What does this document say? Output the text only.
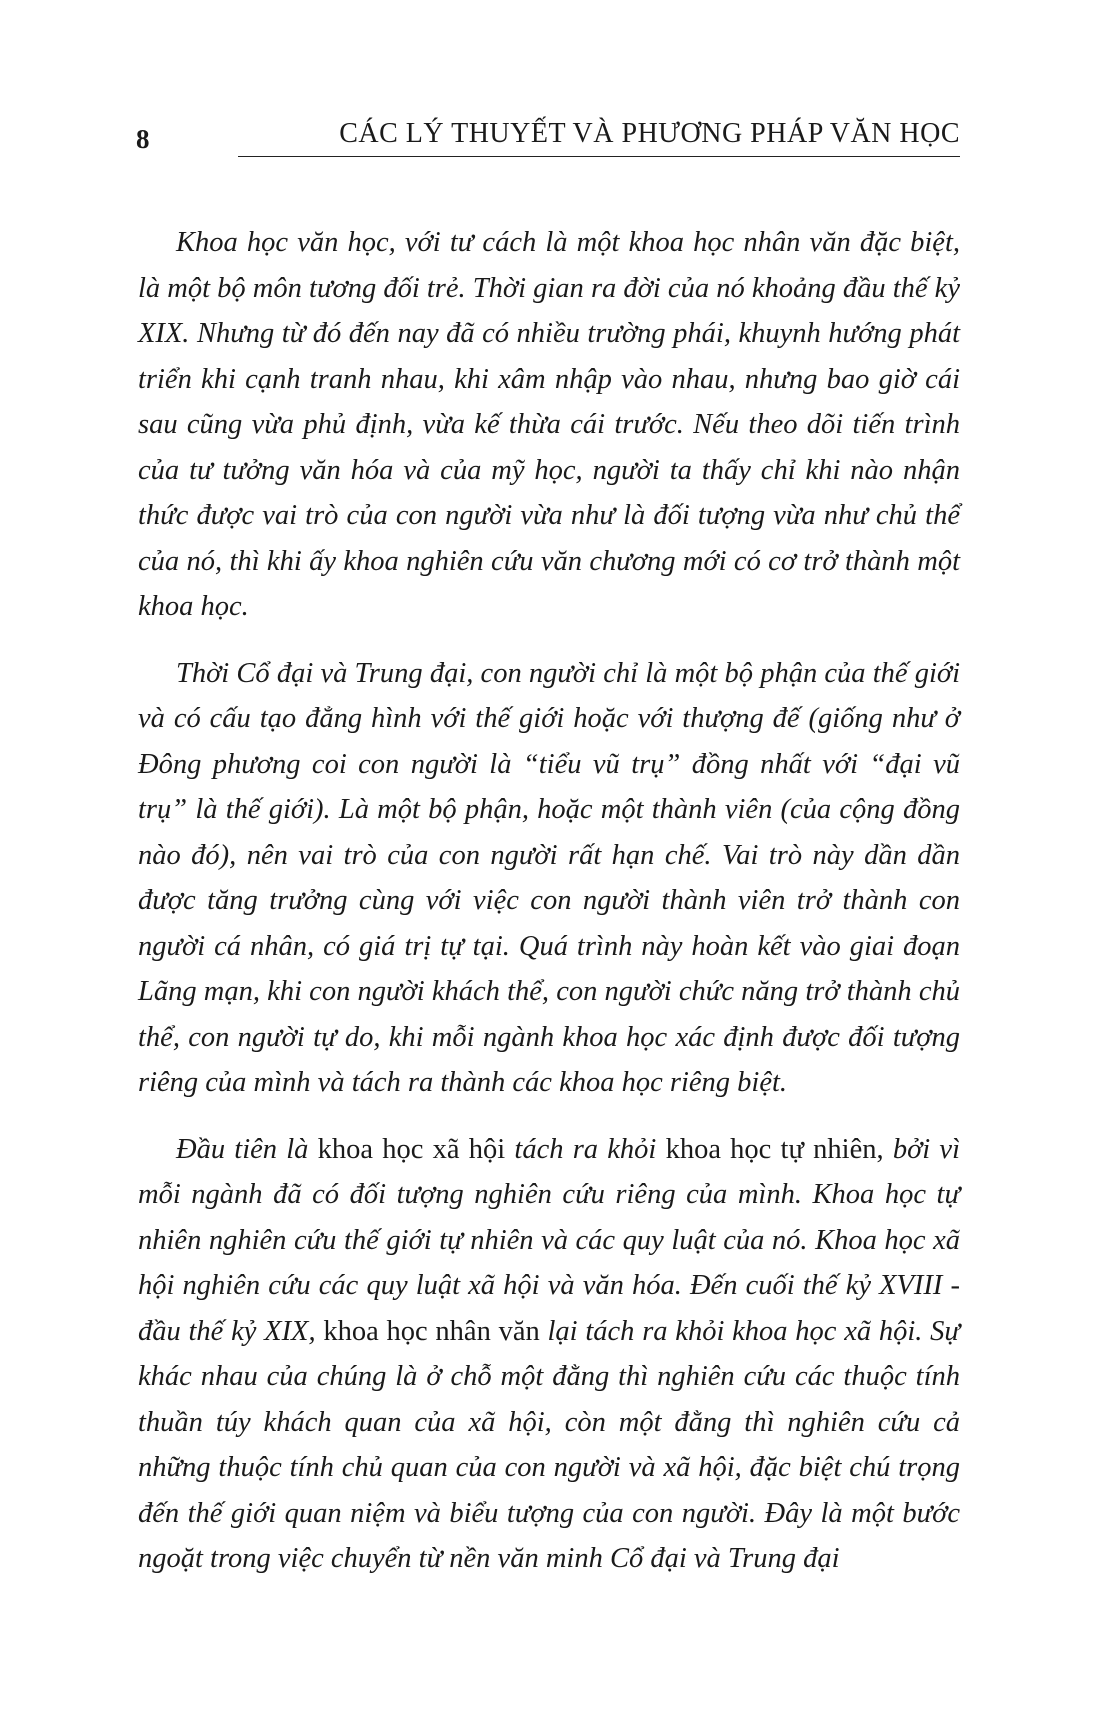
8	CÁC LÝ THUYẾT VÀ PHƯƠNG PHÁP VĂN HỌC

Khoa học văn học, với tư cách là một khoa học nhân văn đặc biệt, là một bộ môn tương đối trẻ. Thời gian ra đời của nó khoảng đầu thế kỷ XIX. Nhưng từ đó đến nay đã có nhiều trường phái, khuynh hướng phát triển khi cạnh tranh nhau, khi xâm nhập vào nhau, nhưng bao giờ cái sau cũng vừa phủ định, vừa kế thừa cái trước. Nếu theo dõi tiến trình của tư tưởng văn hóa và của mỹ học, người ta thấy chỉ khi nào nhận thức được vai trò của con người vừa như là đối tượng vừa như chủ thể của nó, thì khi ấy khoa nghiên cứu văn chương mới có cơ trở thành một khoa học.

Thời Cổ đại và Trung đại, con người chỉ là một bộ phận của thế giới và có cấu tạo đẳng hình với thế giới hoặc với thượng đế (giống như ở Đông phương coi con người là “tiểu vũ trụ” đồng nhất với “đại vũ trụ” là thế giới). Là một bộ phận, hoặc một thành viên (của cộng đồng nào đó), nên vai trò của con người rất hạn chế. Vai trò này dần dần được tăng trưởng cùng với việc con người thành viên trở thành con người cá nhân, có giá trị tự tại. Quá trình này hoàn kết vào giai đoạn Lãng mạn, khi con người khách thể, con người chức năng trở thành chủ thể, con người tự do, khi mỗi ngành khoa học xác định được đối tượng riêng của mình và tách ra thành các khoa học riêng biệt.

Đầu tiên là khoa học xã hội tách ra khỏi khoa học tự nhiên, bởi vì mỗi ngành đã có đối tượng nghiên cứu riêng của mình. Khoa học tự nhiên nghiên cứu thế giới tự nhiên và các quy luật của nó. Khoa học xã hội nghiên cứu các quy luật xã hội và văn hóa. Đến cuối thế kỷ XVIII - đầu thế kỷ XIX, khoa học nhân văn lại tách ra khỏi khoa học xã hội. Sự khác nhau của chúng là ở chỗ một đằng thì nghiên cứu các thuộc tính thuần túy khách quan của xã hội, còn một đằng thì nghiên cứu cả những thuộc tính chủ quan của con người và xã hội, đặc biệt chú trọng đến thế giới quan niệm và biểu tượng của con người. Đây là một bước ngoặt trong việc chuyển từ nền văn minh Cổ đại và Trung đại
